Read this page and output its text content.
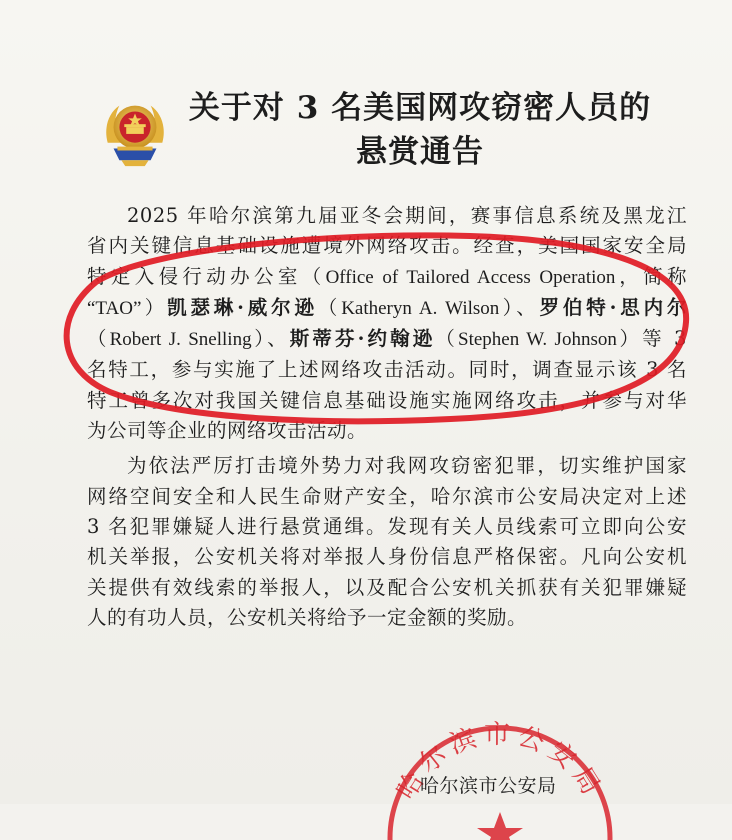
关于对 3 名美国网攻窃密人员的
悬赏通告
2025 年哈尔滨第九届亚冬会期间，赛事信息系统及黑龙江
省内关键信息基础设施遭境外网络攻击。经查，美国国家安全局
特定入侵行动办公室（Office of Tailored Access Operation，简称
“TAO”）凯瑟琳·威尔逊（Katheryn A. Wilson）、罗伯特·思内尔
（Robert J. Snelling）、斯蒂芬·约翰逊（Stephen W. Johnson）等 3
名特工，参与实施了上述网络攻击活动。同时，调查显示该 3 名
特工曾多次对我国关键信息基础设施实施网络攻击，并参与对华
为公司等企业的网络攻击活动。
为依法严厉打击境外势力对我网攻窃密犯罪，切实维护国家
网络空间安全和人民生命财产安全，哈尔滨市公安局决定对上述
3 名犯罪嫌疑人进行悬赏通缉。发现有关人员线索可立即向公安
机关举报，公安机关将对举报人身份信息严格保密。凡向公安机
关提供有效线索的举报人，以及配合公安机关抓获有关犯罪嫌疑
人的有功人员，公安机关将给予一定金额的奖励。
哈尔滨市公安局
哈尔滨市公安局
